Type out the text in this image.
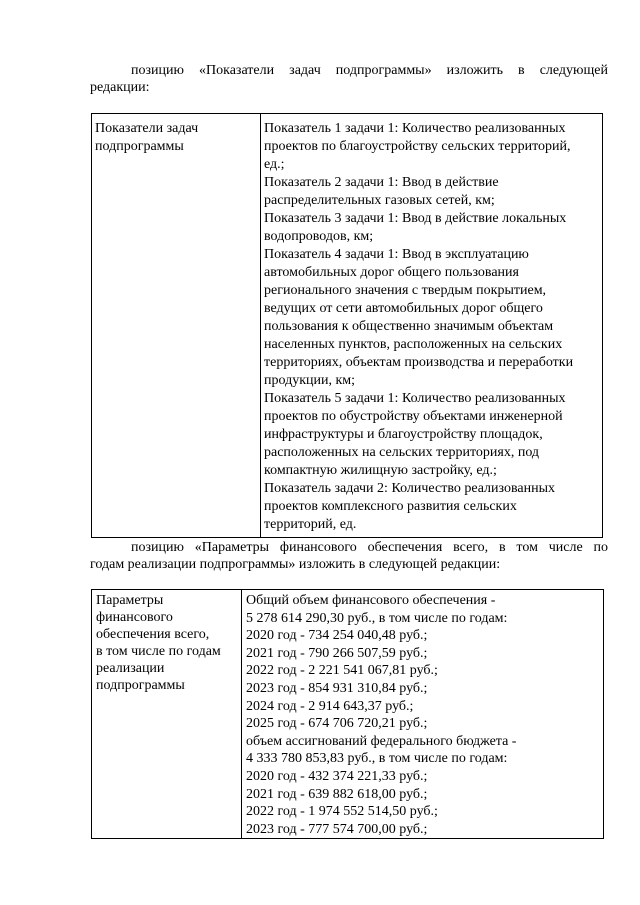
позицию «Показатели задач подпрограммы» изложить в следующей
редакции:
Показатели задач
подпрограммы

Показатель 1 задачи 1: Количество реализованных
проектов по благоустройству сельских территорий,
ед.;
Показатель 2 задачи 1: Ввод в действие
распределительных газовых сетей, км;
Показатель 3 задачи 1: Ввод в действие локальных
водопроводов, км;
Показатель 4 задачи 1: Ввод в эксплуатацию
автомобильных дорог общего пользования
регионального значения с твердым покрытием,
ведущих от сети автомобильных дорог общего
пользования к общественно значимым объектам
населенных пунктов, расположенных на сельских
территориях, объектам производства и переработки
продукции, км;
Показатель 5 задачи 1: Количество реализованных
проектов по обустройству объектами инженерной
инфраструктуры и благоустройству площадок,
расположенных на сельских территориях, под
компактную жилищную застройку, ед.;
Показатель задачи 2: Количество реализованных
проектов комплексного развития сельских
территорий, ед.
позицию «Параметры финансового обеспечения всего, в том числе по
годам реализации подпрограммы» изложить в следующей редакции:
Параметры
финансового
обеспечения всего,
в том числе по годам
реализации
подпрограммы

Общий объем финансового обеспечения -
5 278 614 290,30 руб., в том числе по годам:
2020 год - 734 254 040,48 руб.;
2021 год - 790 266 507,59 руб.;
2022 год - 2 221 541 067,81 руб.;
2023 год - 854 931 310,84 руб.;
2024 год - 2 914 643,37 руб.;
2025 год - 674 706 720,21 руб.;
объем ассигнований федерального бюджета -
4 333 780 853,83 руб., в том числе по годам:
2020 год - 432 374 221,33 руб.;
2021 год - 639 882 618,00 руб.;
2022 год - 1 974 552 514,50 руб.;
2023 год - 777 574 700,00 руб.;
